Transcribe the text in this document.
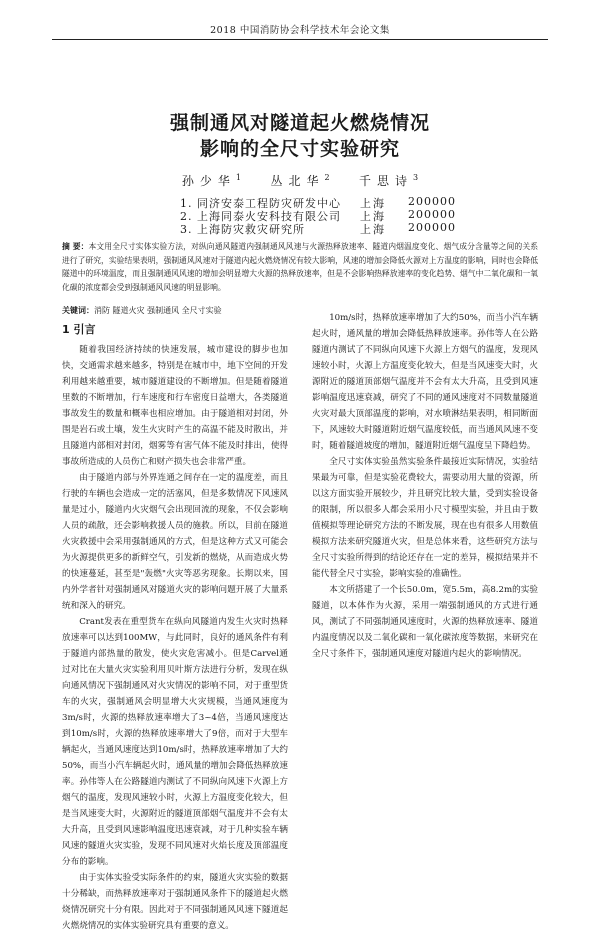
2018 中国消防协会科学技术年会论文集
强制通风对隧道起火燃烧情况
影响的全尺寸实验研究
孙少华$^1$ 丛北华$^2$ 千思诗$^3$
1. 同济安泰工程防灾研发中心 上海 200000
2. 上海同泰火安科技有限公司 上海 200000
3. 上海防灾救灾研究所	上海 200000
摘 要：本文用全尺寸实体实验方法，对纵向通风隧道内强制通风风速与火源热释放速率、隧道内烟温度变化、烟气成分含量等之间的关系进行了研究，实验结果表明，强制通风风速对于隧道内起火燃烧情况有较大影响，风速的增加会降低火源对上方温度的影响，同时也会降低隧道中的环境温度，而且强制通风风速的增加会明显增大火源的热释放速率，但是不会影响热释放速率的变化趋势、烟气中二氧化碳和一氧化碳的浓度都会受到强制通风风速的明显影响。
关键词：消防 隧道火灾 强制通风 全尺寸实验
1 引言

随着我国经济持续的快速发展，城市建设的脚步也加快，交通需求越来越多，特别是在城市中，地下空间的开发利用越来越重要，城市隧道建设的不断增加。但是随着隧道里数的不断增加，行车速度和行车密度日益增大，各类隧道事故发生的数量和概率也相应增加。由于隧道相对封闭，外围是岩石或土壤，发生火灾时产生的高温不能及时散出，并且隧道内部相对封闭，烟雾等有害气体不能及时排出，使得事故所造成的人员伤亡和财产损失也会非常严重。

由于隧道内部与外界连通之间存在一定的温度差，而且行驶的车辆也会造成一定的活塞风，但是多数情况下风速风量是过小，隧道内火灾烟气会出现回流的现象，不仅会影响人员的疏散，还会影响救援人员的施救。所以，目前在隧道火灾救援中会采用强制通风的方式，但是这种方式又可能会为火源提供更多的新鲜空气，引发新的燃烧，从而造成火势的快速蔓延，甚至是"轰燃"火灾等恶劣现象。长期以来，国内外学者针对强制通风对隧道火灾的影响问题开展了大量系统和深入的研究。

Crant发表在重型货车在纵向风隧道内发生火灾时热释放速率可以达到100MW，与此同时，良好的通风条件有利于隧道内部热量的散发，使火灾危害减小。但是Carvel通过对比在大量火灾实验利用贝叶斯方法进行分析，发现在纵向通风情况下强制通风对火灾情况的影响不同，对于重型货车的火灾，强制通风会明显增大火灾规模，当通风速度为3m/s时，火源的热释放速率增大了3~4倍，当通风速度达到10m/s时，火源的热释放速率增大了9倍，而对于大型车辆起火，当通风速度达到10m/s时，热释放速率增加了大约50%，而当小汽车辆起火时，通风量的增加会降低热释放速率。孙伟等人在公路隧道内测试了不同纵向风速下火源上方烟气的温度，发现风速较小时，火源上方温度变化较大，但是当风速变大时，火源附近的隧道顶部烟气温度并不会有太大升高，且受到风速影响温度迅速衰减，对于几种实验车辆风速的隧道火灾实验，发现不同风速对火焰长度及顶部温度分布的影响。

由于实体实验受实际条件的约束，隧道火灾实验的数据十分稀缺，而热释放速率对于强制通风条件下的隧道起火燃烧情况研究十分有限。因此对于不同强制通风风速下隧道起火燃烧情况的实体实验研究具有重要的意义。

10m/s时，热释放速率增加了大约50%，而当小汽车辆起火时，通风量的增加会降低热释放速率。孙伟等人在公路隧道内测试了不同纵向风速下火源上方烟气的温度，发现风速较小时，火源上方温度变化较大，但是当风速变大时，火源附近的隧道顶部烟气温度并不会有太大升高，且受到风速影响温度迅速衰减，研究了不同的通风速度对不同数量隧道火灾对最大顶部温度的影响，对水喷淋结果表明，相同断面下，风速较大时隧道附近烟气温度较低，而当通风风速不变时，随着隧道坡度的增加，隧道附近烟气温度呈下降趋势。

全尺寸实体实验虽然实验条件最接近实际情况，实验结果最为可靠，但是实验花费较大，需要动用大量的资源，所以这方面实验开展较少，并且研究比较大量，受到实验设备的限制，所以很多人都会采用小尺寸模型实验，并且由于数值模拟等理论研究方法的不断发展，现在也有很多人用数值模拟方法来研究隧道火灾，但是总体来看，这些研究方法与全尺寸实验所得到的结论还存在一定的差异，模拟结果并不能代替全尺寸实验，影响实验的准确性。

本文所搭建了一个长50.0m，宽5.5m，高8.2m的实验隧道，以本体作为火源，采用一端强制通风的方式进行通风，测试了不同强制通风速度时，火源的热释放速率、隧道内温度情况以及二氧化碳和一氧化碳浓度等数据，来研究在全尺寸条件下，强制通风速度对隧道内起火的影响情况。
